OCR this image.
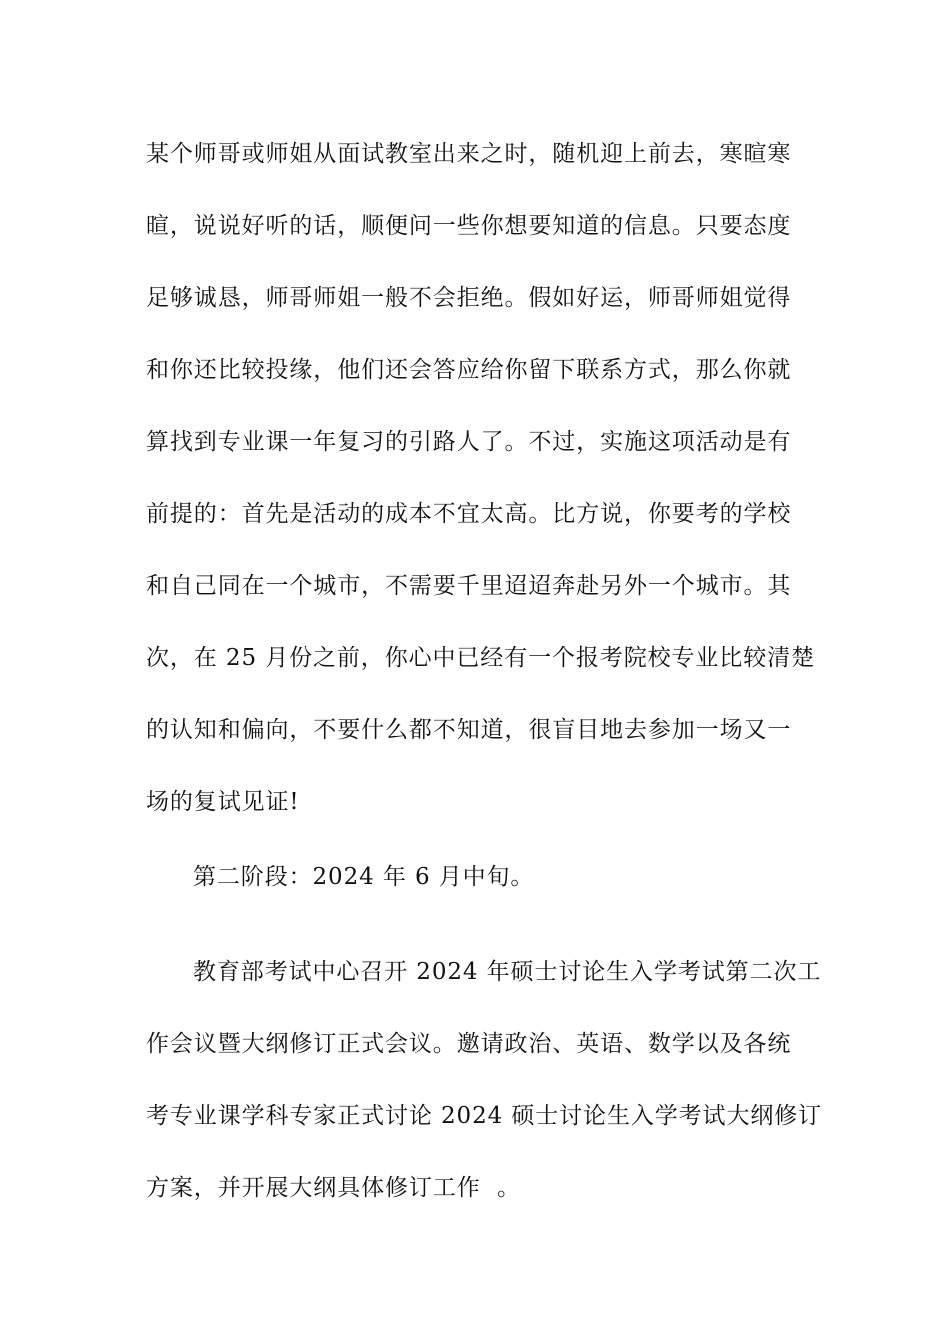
某个师哥或师姐从面试教室出来之时，随机迎上前去，寒暄寒
暄，说说好听的话，顺便问一些你想要知道的信息。只要态度
足够诚恳，师哥师姐一般不会拒绝。假如好运，师哥师姐觉得
和你还比较投缘，他们还会答应给你留下联系方式，那么你就
算找到专业课一年复习的引路人了。不过，实施这项活动是有
前提的：首先是活动的成本不宜太高。比方说，你要考的学校
和自己同在一个城市，不需要千里迢迢奔赴另外一个城市。其
次，在 25 月份之前，你心中已经有一个报考院校专业比较清楚
的认知和偏向，不要什么都不知道，很盲目地去参加一场又一
场的复试见证!
第二阶段：2024 年 6 月中旬。
教育部考试中心召开 2024 年硕士讨论生入学考试第二次工
作会议暨大纲修订正式会议。邀请政治、英语、数学以及各统
考专业课学科专家正式讨论 2024 硕士讨论生入学考试大纲修订
方案，并开展大纲具体修订工作  。
